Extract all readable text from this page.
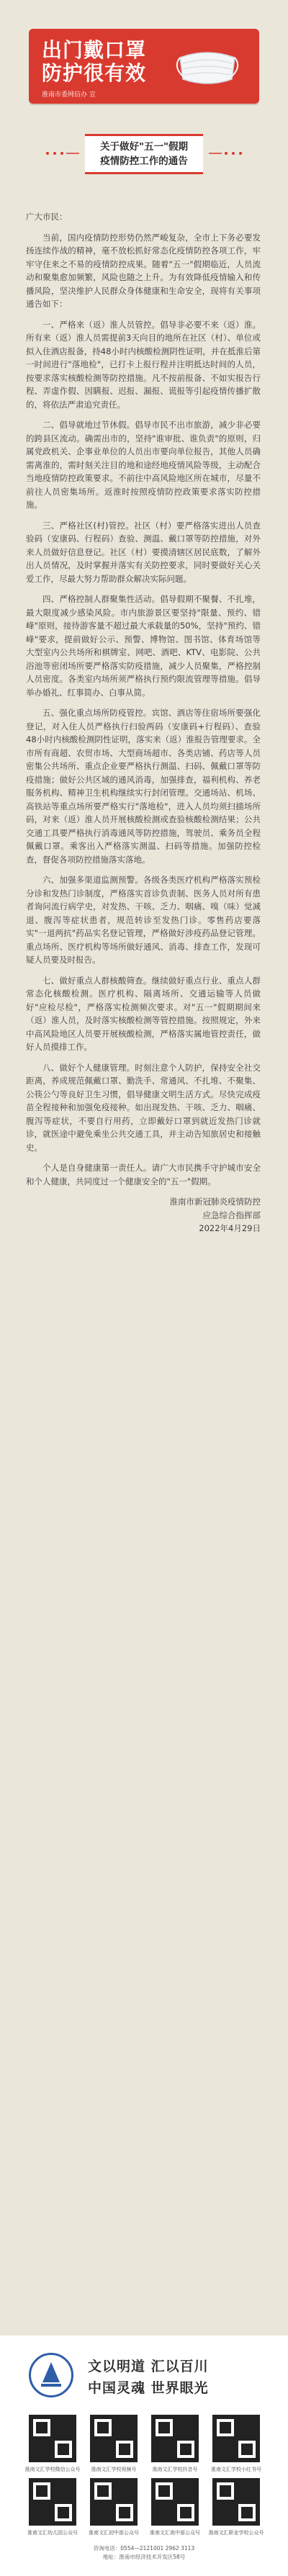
出门戴口罩
防护很有效
淮南市委网信办 宣
关于做好"五一"假期
疫情防控工作的通告

广大市民：

当前，国内疫情防控形势仍然严峻复杂，全市上下务必要发扬连续作战的精神，毫不放松抓好常态化疫情防控各项工作，牢牢守住来之不易的疫情防控成果。随着"五一"假期临近，人员流动和聚集愈加频繁，风险也随之上升。为有效降低疫情输入和传播风险，坚决维护人民群众身体健康和生命安全，现将有关事项通告如下：

一、严格来（返）淮人员管控。倡导非必要不来（返）淮。所有来（返）淮人员需提前3天向目的地所在社区（村）、单位或拟入住酒店报备，持48小时内核酸检测阴性证明，并在抵淮后第一时间进行"落地检"，已打卡上报行程并注明抵达时间的人员，按要求落实核酸检测等防控措施。凡不按前报备、不如实报告行程、弄虚作假、因瞒报、迟报、漏报、谎报等引起疫情传播扩散的，将依法严肃追究责任。

二、倡导就地过节休假。倡导市民不出市旅游，减少非必要的跨县区流动。确需出市的，坚持"谁审批、谁负责"的原则，归属党政机关、企事业单位的人员出市要向单位报告，其他人员确需离淮的，需时刻关注目的地和途经地疫情风险等级，主动配合当地疫情防控政策要求。不前往中高风险地区所在城市，尽量不前往人员密集场所。返淮时按照疫情防控政策要求落实防控措施。

三、严格社区(村)管控。社区（村）要严格落实进出人员查验码（安康码、行程码）查验、测温、戴口罩等防控措施，对外来人员做好信息登记。社区（村）要摸清辖区居民底数，了解外出人员情况，及时掌握并落实有关防控要求，同时要做好关心关爱工作，尽最大努力帮助群众解决实际问题。

四、严格控制人群聚集性活动。倡导假期不聚餐、不扎堆，最大限度减少感染风险。市内旅游景区要坚持"限量、预约、错峰"原则，接待游客量不超过最大承载量的50%，坚持"预约、错峰"要求，提前做好公示、预警、博物馆、图书馆、体育场馆等大型室内公共场所和棋牌室、网吧、酒吧、KTV、电影院、公共浴池等密闭场所要严格落实防疫措施，减少人员聚集，严格控制人员密度。各类室内场所须严格执行预约限流管理等措施。倡导举办婚礼、红事简办、白事从简。

五、强化重点场所防疫管控。宾馆、酒店等住宿场所要强化登记，对入住人员严格执行扫验两码（安康码+行程码）、查验48小时内核酸检测阴性证明，落实来（返）淮报告管理要求。全市所有商超、农贸市场、大型商场超市、各类店铺、药店等人员密集公共场所、重点企业要严格执行测温、扫码、佩戴口罩等防疫措施；做好公共区域的通风消毒，加强排查，福利机构、养老服务机构、精神卫生机构继续实行封闭管理。交通场站、机场、高铁站等重点场所要严格实行"落地检"，进入人员均须扫描场所码，对来（返）淮人员开展核酸检测或查验核酸检测结果；公共交通工具要严格执行消毒通风等防控措施，驾驶员、乘务员全程佩戴口罩。乘客出入严格落实测温、扫码等措施。加强防控检查，督促各项防控措施落实落地。

六、加强多渠道监测预警。各级各类医疗机构严格落实预检分诊和发热门诊制度，严格落实首诊负责制、医务人员对所有患者询问流行病学史，对发热、干咳、乏力、咽痛、嗅（味）觉减退、腹泻等症状患者，规范转诊至发热门诊。零售药店要落实"一退两抗"药品实名登记管理，严格做好涉疫药品登记管理。重点场所、医疗机构等场所做好通风、消毒、排查工作，发现可疑人员要及时报告。

七、做好重点人群核酸筛查。继续做好重点行业、重点人群常态化核酸检测。医疗机构、隔离场所、交通运输等人员做好"应检尽检"，严格落实检测频次要求。对"五一"假期期间来（返）淮人员，及时落实核酸检测等管控措施。按照规定，外来中高风险地区人员要开展核酸检测，严格落实属地管控责任，做好人员摸排工作。

八、做好个人健康管理。时刻注意个人防护，保持安全社交距离，养成规范佩戴口罩、勤洗手、常通风、不扎堆、不聚集、公筷公勺等良好卫生习惯，倡导健康文明生活方式。尽快完成疫苗全程接种和加强免疫接种。如出现发热、干咳、乏力、咽痛、腹泻等症状，不要自行用药，立即戴好口罩到就近发热门诊就诊，就医途中避免乘坐公共交通工具，并主动告知旅居史和接触史。

个人是自身健康第一责任人。请广大市民携手守护城市安全和个人健康，共同度过一个健康安全的"五一"假期。

淮南市新冠肺炎疫情防控

应急综合指挥部

2022年4月29日

文以明道 汇以百川
中国灵魂 世界眼光
淮南文汇学校微信公众号	淮南文汇学校视频号	淮南文汇学校抖音号	淮南文汇学校小红书号
淮南文汇幼儿园公众号	淮南文汇初中部公众号	淮南文汇高中部公众号	淮南文汇职业学校公众号
咨询电话：0554—2121001 2962 3113
地址：淮南市经济技术开发区58号
